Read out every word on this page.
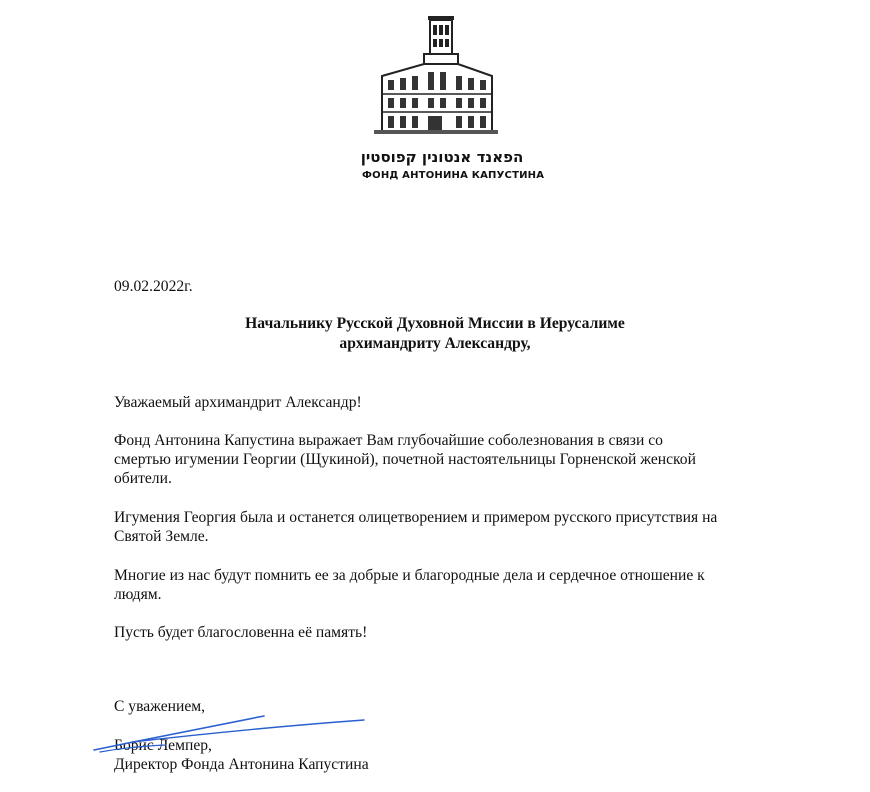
הפאנד אנטונין קפוסטין
ФОНД АНТОНИНА КАПУСТИНА
09.02.2022г.
Начальнику Русской Духовной Миссии в Иерусалиме
архимандриту Александру,
Уважаемый архимандрит Александр!
Фонд Антонина Капустина выражает Вам глубочайшие соболезнования в связи со
смертью игумении Георгии (Щукиной), почетной настоятельницы Горненской женской
обители.
Игумения Георгия была и останется олицетворением и примером русского присутствия на
Святой Земле.
Многие из нас будут помнить ее за добрые и благородные дела и сердечное отношение к
людям.
Пусть будет благословенна её память!
С уважением,
Борис Лемпер,
Директор Фонда Антонина Капустина
